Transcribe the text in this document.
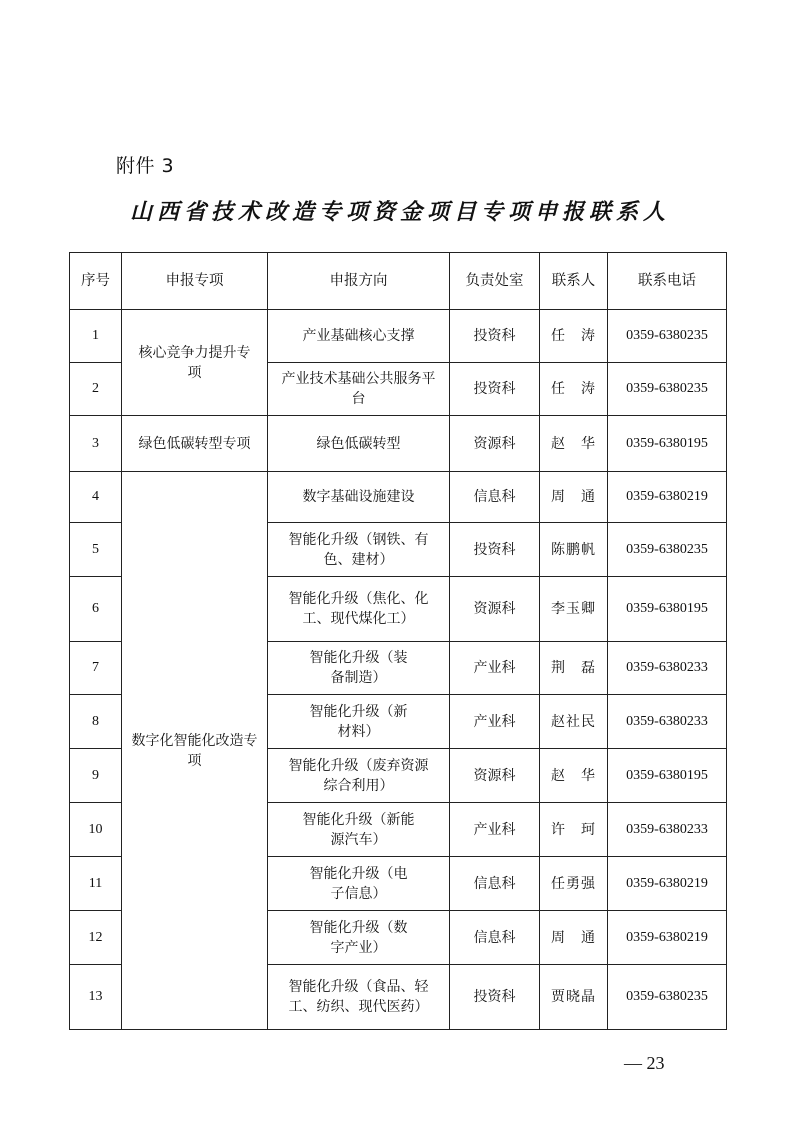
附件 3
山西省技术改造专项资金项目专项申报联系人
序号	申报专项	申报方向	负责处室	联系人	联系电话
1	核心竞争力提升专项	产业基础核心支撑	投资科	任　涛	0359-6380235
2		产业技术基础公共服务平台	投资科	任　涛	0359-6380235
3	绿色低碳转型专项	绿色低碳转型	资源科	赵　华	0359-6380195
4	数字化智能化改造专项	数字基础设施建设	信息科	周　通	0359-6380219
5		智能化升级（钢铁、有色、建材）	投资科	陈鹏帆	0359-6380235
6		智能化升级（焦化、化工、现代煤化工）	资源科	李玉卿	0359-6380195
7		智能化升级（装备制造）	产业科	荆　磊	0359-6380233
8		智能化升级（新材料）	产业科	赵社民	0359-6380233
9		智能化升级（废弃资源综合利用）	资源科	赵　华	0359-6380195
10		智能化升级（新能源汽车）	产业科	许　珂	0359-6380233
11		智能化升级（电子信息）	信息科	任勇强	0359-6380219
12		智能化升级（数字产业）	信息科	周　通	0359-6380219
13		智能化升级（食品、轻工、纺织、现代医药）	投资科	贾晓晶	0359-6380235
— 23
